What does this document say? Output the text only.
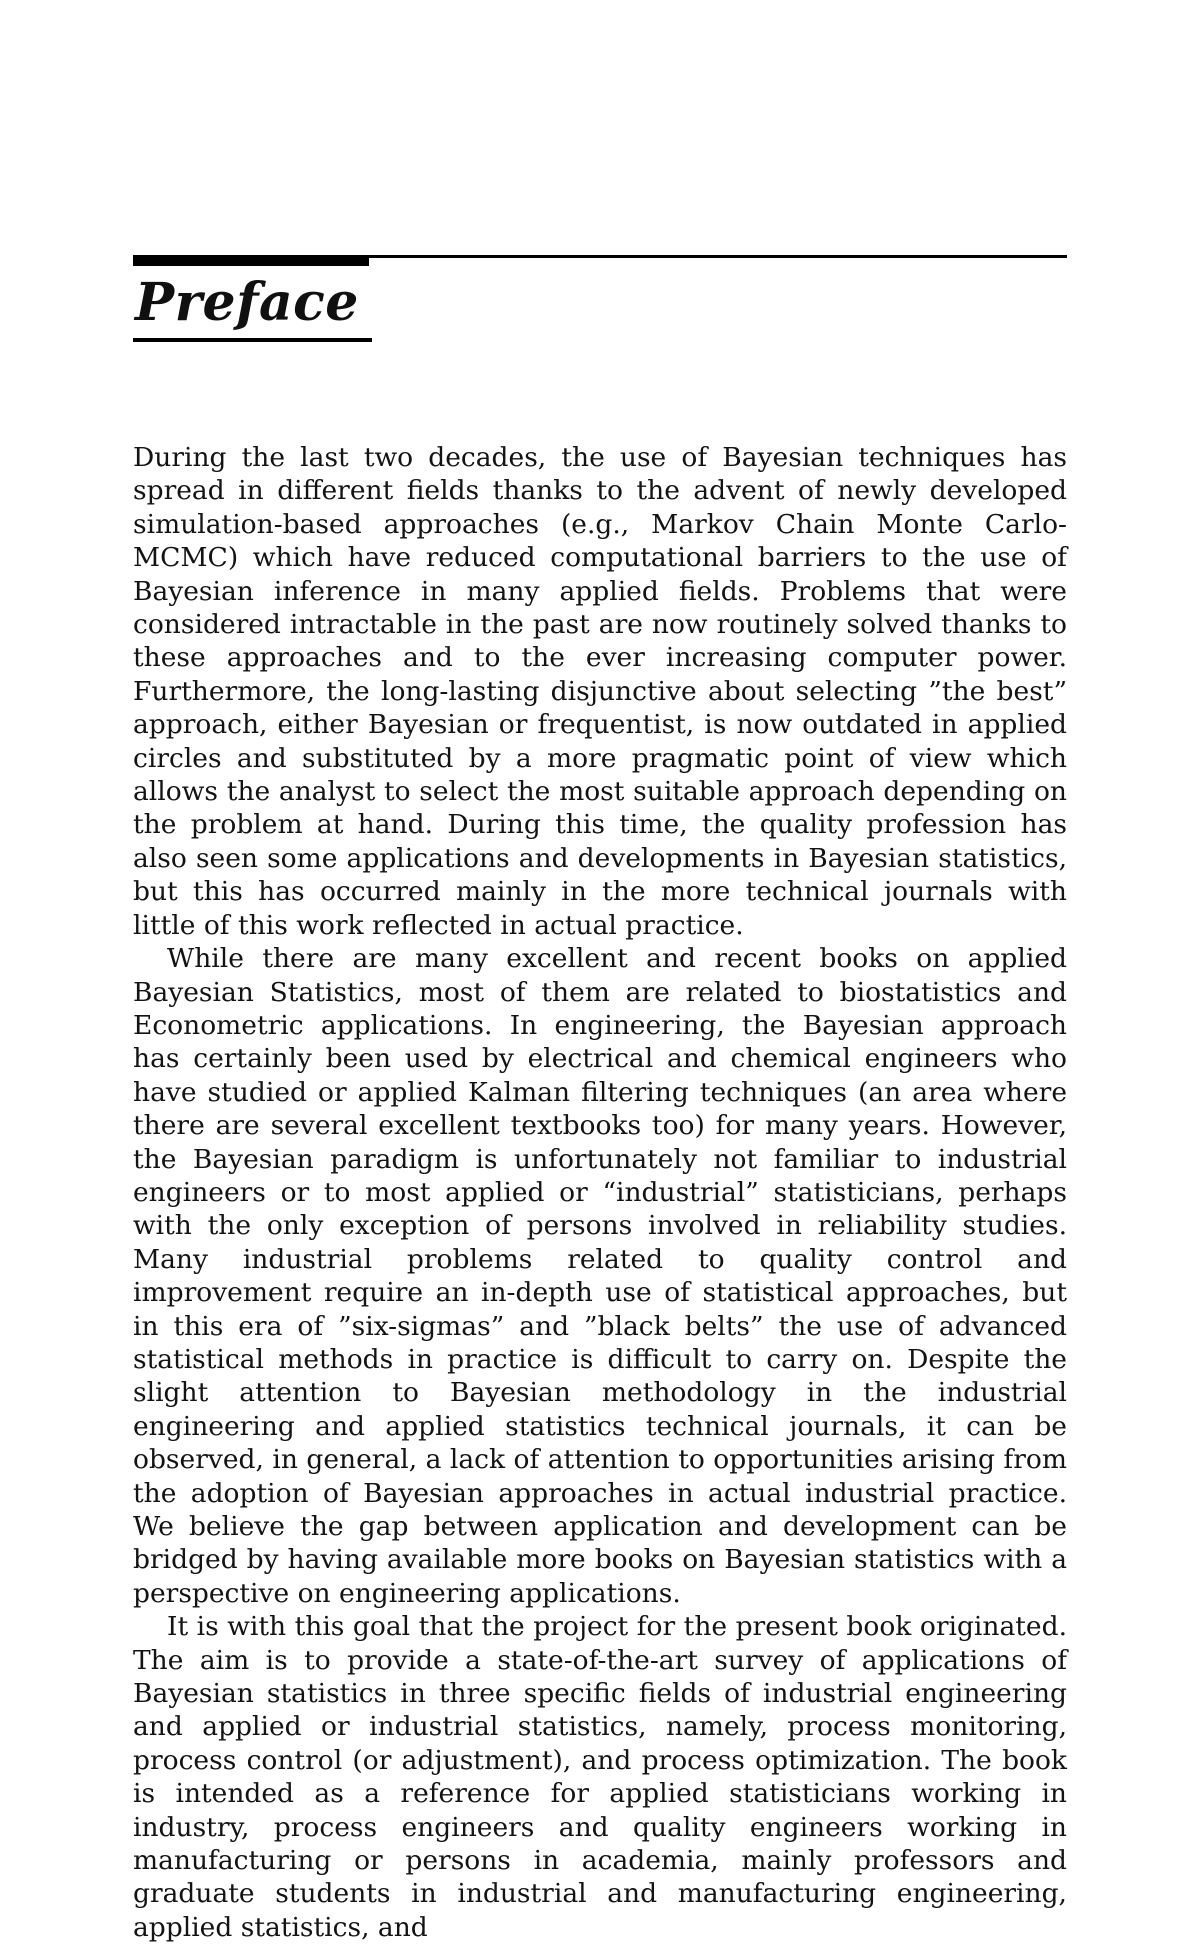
Preface

During the last two decades, the use of Bayesian techniques has spread in different fields thanks to the advent of newly developed simulation-based approaches (e.g., Markov Chain Monte Carlo-MCMC) which have reduced computational barriers to the use of Bayesian inference in many applied fields. Problems that were considered intractable in the past are now routinely solved thanks to these approaches and to the ever increasing computer power. Furthermore, the long-lasting disjunctive about selecting ”the best” approach, either Bayesian or frequentist, is now outdated in applied circles and substituted by a more pragmatic point of view which allows the analyst to select the most suitable approach depending on the problem at hand. During this time, the quality profession has also seen some applications and developments in Bayesian statistics, but this has occurred mainly in the more technical journals with little of this work reflected in actual practice.

While there are many excellent and recent books on applied Bayesian Statistics, most of them are related to biostatistics and Econometric applications. In engineering, the Bayesian approach has certainly been used by electrical and chemical engineers who have studied or applied Kalman filtering techniques (an area where there are several excellent textbooks too) for many years. However, the Bayesian paradigm is unfortunately not familiar to industrial engineers or to most applied or “industrial” statisticians, perhaps with the only exception of persons involved in reliability studies. Many industrial problems related to quality control and improvement require an in-depth use of statistical approaches, but in this era of ”six-sigmas” and ”black belts” the use of advanced statistical methods in practice is difficult to carry on. Despite the slight attention to Bayesian methodology in the industrial engineering and applied statistics technical journals, it can be observed, in general, a lack of attention to opportunities arising from the adoption of Bayesian approaches in actual industrial practice. We believe the gap between application and development can be bridged by having available more books on Bayesian statistics with a perspective on engineering applications.

It is with this goal that the project for the present book originated. The aim is to provide a state-of-the-art survey of applications of Bayesian statistics in three specific fields of industrial engineering and applied or industrial statistics, namely, process monitoring, process control (or adjustment), and process optimization. The book is intended as a reference for applied statisticians working in industry, process engineers and quality engineers working in manufacturing or persons in academia, mainly professors and graduate students in industrial and manufacturing engineering, applied statistics, and
